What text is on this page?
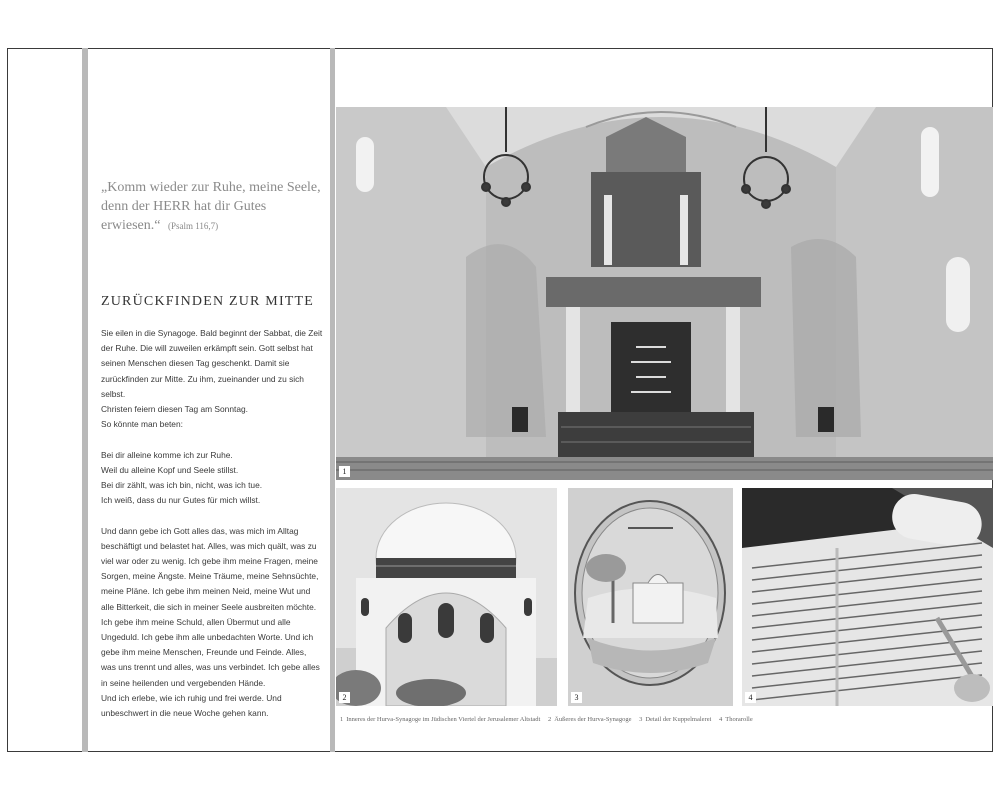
„Komm wieder zur Ruhe, meine Seele, denn der HERR hat dir Gutes erwiesen.“ (Psalm 116,7)
ZURÜCKFINDEN ZUR MITTE

Sie eilen in die Synagoge. Bald beginnt der Sabbat, die Zeit der Ruhe. Die will zuweilen erkämpft sein. Gott selbst hat seinen Menschen diesen Tag geschenkt. Damit sie zurückfinden zur Mitte. Zu ihm, zueinander und zu sich selbst.

Christen feiern diesen Tag am Sonntag.

So könnte man beten:

Bei dir alleine komme ich zur Ruhe.

Weil du alleine Kopf und Seele stillst.

Bei dir zählt, was ich bin, nicht, was ich tue.

Ich weiß, dass du nur Gutes für mich willst.

Und dann gebe ich Gott alles das, was mich im Alltag beschäftigt und belastet hat. Alles, was mich quält, was zu viel war oder zu wenig. Ich gebe ihm meine Fragen, meine Sorgen, meine Ängste. Meine Träume, meine Sehnsüchte, meine Pläne. Ich gebe ihm meinen Neid, meine Wut und alle Bitterkeit, die sich in meiner Seele ausbreiten möchte. Ich gebe ihm meine Schuld, allen Übermut und alle Ungeduld. Ich gebe ihm alle unbedachten Worte. Und ich gebe ihm meine Menschen, Freunde und Feinde. Alles, was uns trennt und alles, was uns verbindet. Ich gebe alles in seine heilenden und vergebenden Hände.

Und ich erlebe, wie ich ruhig und frei werde. Und unbeschwert in die neue Woche gehen kann.

1
2	3	4
1 Inneres der Hurva-Synagoge im Jüdischen Viertel der Jerusalemer Altstadt 2 Äußeres der Hurva-Synagoge 3 Detail der Kuppelmalerei 4 Thorarolle
